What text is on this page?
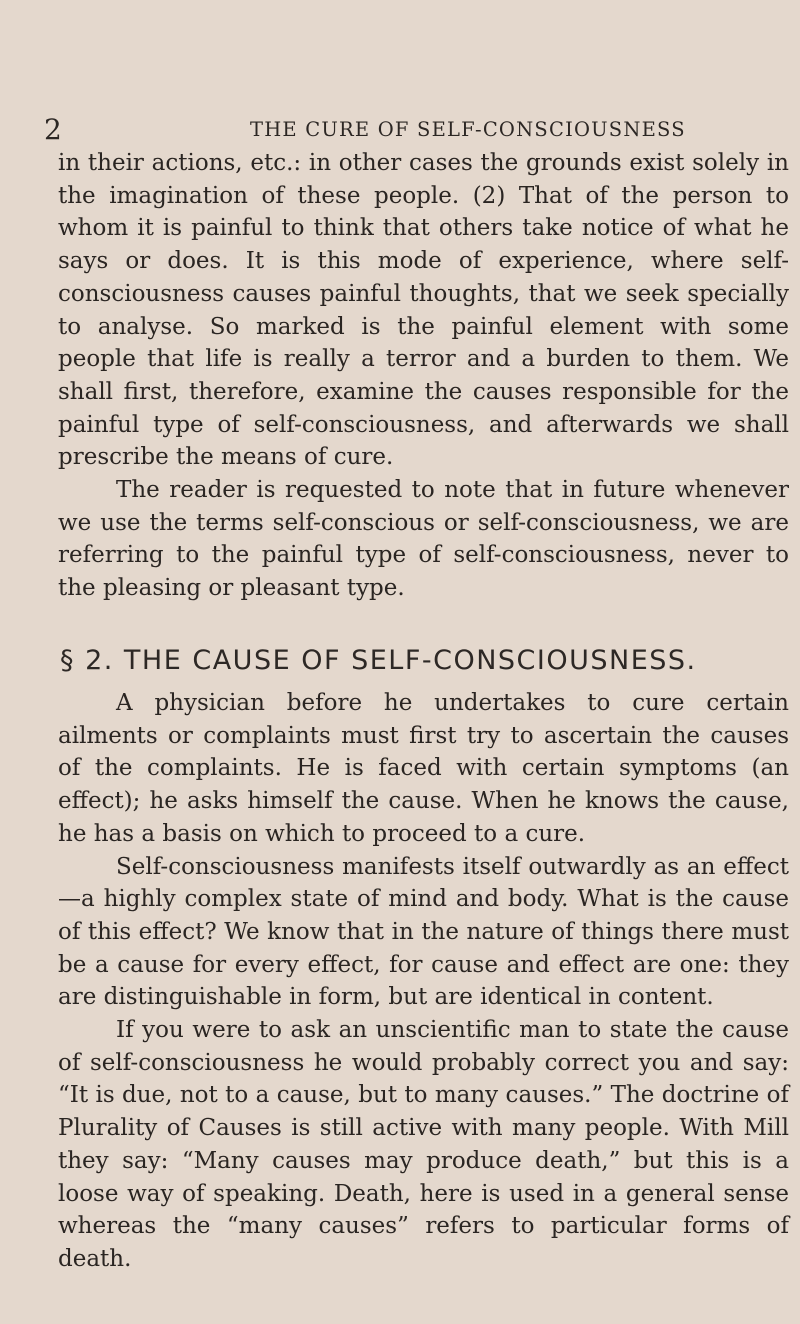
2	THE CURE OF SELF-CONSCIOUSNESS

in their actions, etc.: in other cases the grounds exist solely in the imagination of these people. (2) That of the person to whom it is painful to think that others take notice of what he says or does. It is this mode of experience, where self-consciousness causes painful thoughts, that we seek specially to analyse. So marked is the painful element with some people that life is really a terror and a burden to them. We shall first, therefore, examine the causes responsible for the painful type of self-consciousness, and afterwards we shall prescribe the means of cure.

The reader is requested to note that in future whenever we use the terms self-conscious or self-consciousness, we are referring to the painful type of self-consciousness, never to the pleasing or pleasant type.

§ 2. THE CAUSE OF SELF-CONSCIOUSNESS.

A physician before he undertakes to cure certain ailments or complaints must first try to ascertain the causes of the complaints. He is faced with certain symptoms (an effect); he asks himself the cause. When he knows the cause, he has a basis on which to proceed to a cure.

Self-consciousness manifests itself outwardly as an effect—a highly complex state of mind and body. What is the cause of this effect? We know that in the nature of things there must be a cause for every effect, for cause and effect are one: they are distinguishable in form, but are identical in content.

If you were to ask an unscientific man to state the cause of self-consciousness he would probably correct you and say: “It is due, not to a cause, but to many causes.” The doctrine of Plurality of Causes is still active with many people. With Mill they say: “Many causes may produce death,” but this is a loose way of speaking. Death, here is used in a general sense whereas the “many causes” refers to particular forms of death.
